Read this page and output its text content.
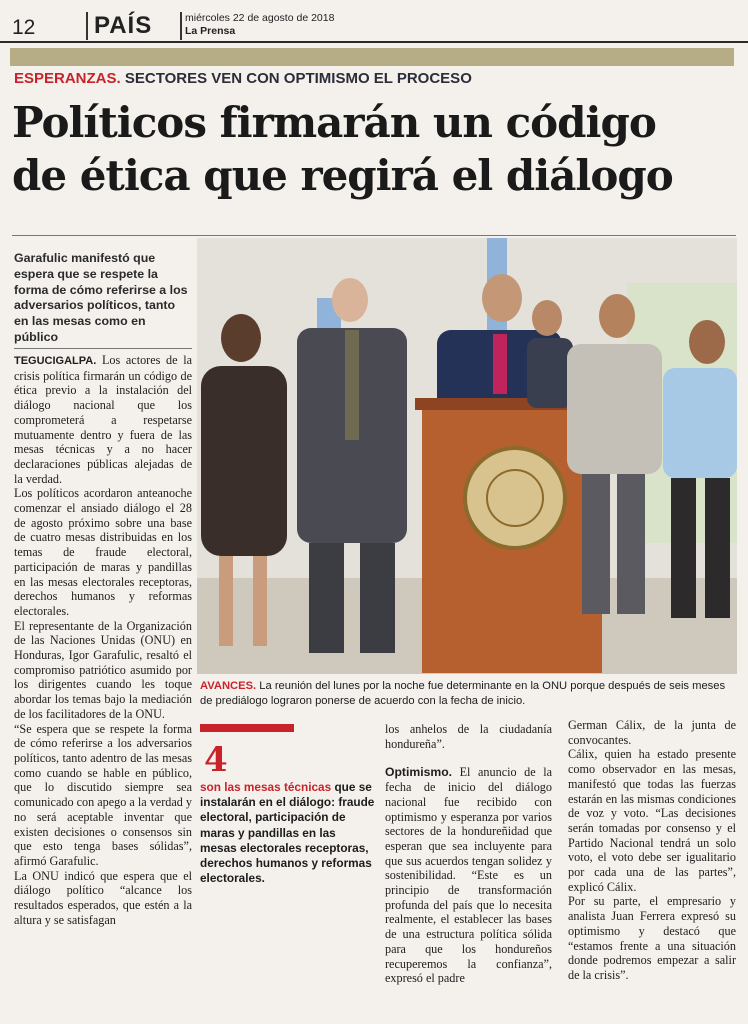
12 PAÍS	miércoles 22 de agosto de 2018
La Prensa
ESPERANZAS. SECTORES VEN CON OPTIMISMO EL PROCESO
Políticos firmarán un código
de ética que regirá el diálogo
Garafulic manifestó que espera que se respete la forma de cómo referirse a los adversarios políticos, tanto en las mesas como en público

TEGUCIGALPA. Los actores de la crisis política firmarán un código de ética previo a la instalación del diálogo nacional que los comprometerá a respetarse mutuamente dentro y fuera de las mesas técnicas y a no hacer declaraciones públicas alejadas de la verdad.

Los políticos acordaron anteanoche comenzar el ansiado diálogo el 28 de agosto próximo sobre una base de cuatro mesas distribuidas en los temas de fraude electoral, participación de maras y pandillas en las mesas electorales receptoras, derechos humanos y reformas electorales.

El representante de la Organización de las Naciones Unidas (ONU) en Honduras, Igor Garafulic, resaltó el compromiso patriótico asumido por los dirigentes cuando les toque abordar los temas bajo la mediación de los facilitadores de la ONU.

“Se espera que se respete la forma de cómo referirse a los adversarios políticos, tanto adentro de las mesas como cuando se hable en público, que lo discutido siempre sea comunicado con apego a la verdad y no será aceptable inventar que existen decisiones o consensos sin que esto tenga bases sólidas”, afirmó Garafulic.

La ONU indicó que espera que el diálogo político “alcance los resultados esperados, que estén a la altura y se satisfagan

AVANCES. La reunión del lunes por la noche fue determinante en la ONU porque después de seis meses de prediálogo lograron ponerse de acuerdo con la fecha de inicio.
4
son las mesas técnicas que se instalarán en el diálogo: fraude electoral, participación de maras y pandillas en las mesas electorales receptoras, derechos humanos y reformas electorales.

los anhelos de la ciudadanía hondureña”.

Optimismo. El anuncio de la fecha de inicio del diálogo nacional fue recibido con optimismo y esperanza por varios sectores de la hondureñidad que esperan que sea incluyente para que sus acuerdos tengan solidez y sostenibilidad. “Este es un principio de transformación profunda del país que lo necesita realmente, el establecer las bases de una estructura política sólida para que los hondureños recuperemos la confianza”, expresó el padre

German Cálix, de la junta de convocantes.

Cálix, quien ha estado presente como observador en las mesas, manifestó que todas las fuerzas estarán en las mismas condiciones de voz y voto. “Las decisiones serán tomadas por consenso y el Partido Nacional tendrá un solo voto, el voto debe ser igualitario por cada una de las partes”, explicó Cálix.

Por su parte, el empresario y analista Juan Ferrera expresó su optimismo y destacó que “estamos frente a una situación donde podremos empezar a salir de la crisis”.
